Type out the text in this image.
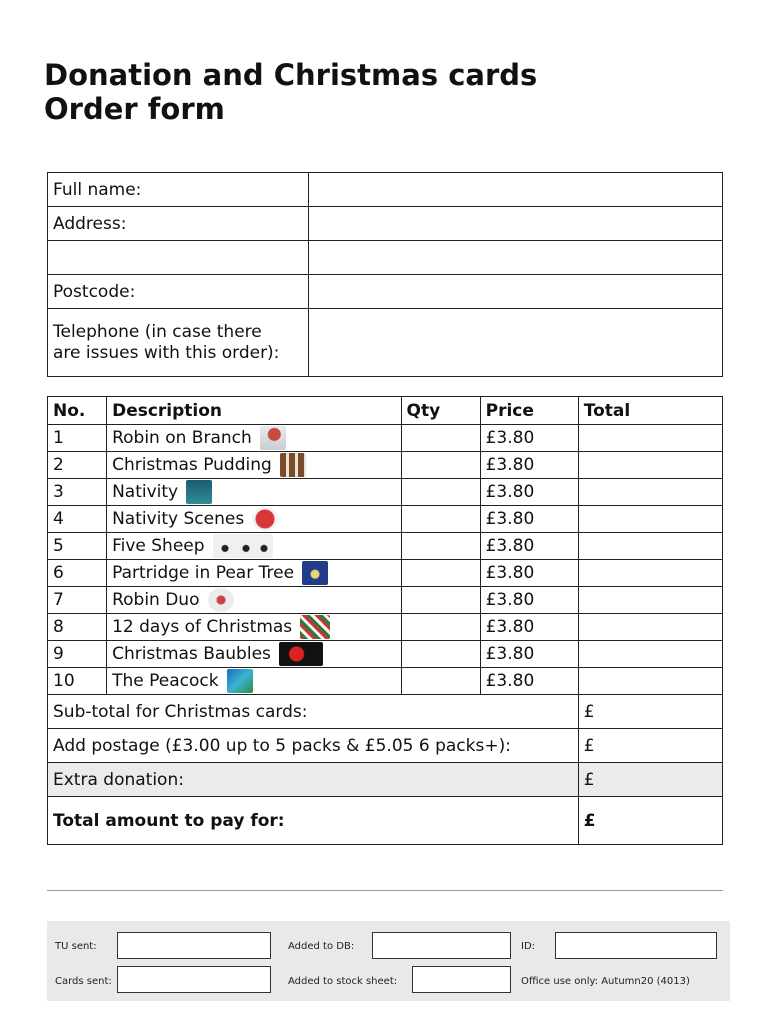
Donation and Christmas cards
Order form
Full name:	
Address:	

Postcode:	
Telephone (in case there
are issues with this order):	
No.	Description	Qty	Price	Total
1	Robin on Branch		£3.80	
2	Christmas Pudding		£3.80	
3	Nativity		£3.80	
4	Nativity Scenes		£3.80	
5	Five Sheep		£3.80	
6	Partridge in Pear Tree		£3.80	
7	Robin Duo		£3.80	
8	12 days of Christmas		£3.80	
9	Christmas Baubles		£3.80	
10	The Peacock		£3.80	
Sub-total for Christmas cards:				£
Add postage (£3.00 up to 5 packs & £5.05 6 packs+):				£
Extra donation:				£
Total amount to pay for:				£
TU sent:	Added to DB:	ID:
Cards sent:	Added to stock sheet:	Office use only: Autumn20 (4013)
